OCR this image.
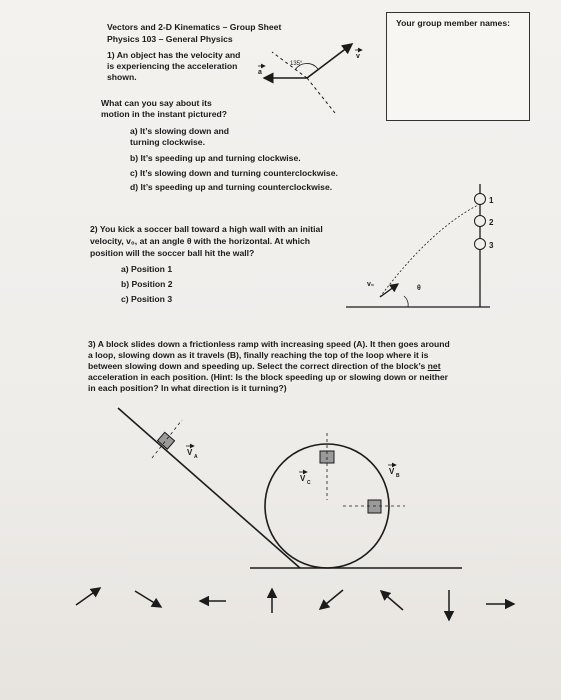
Vectors and 2-D Kinematics – Group Sheet
Physics 103 – General Physics
Your group member names:
1) An object has the velocity and
is experiencing the acceleration
shown.
What can you say about its
motion in the instant pictured?
a) It’s slowing down and
turning clockwise.
b) It’s speeding up and turning clockwise.
c) It’s slowing down and turning counterclockwise.
d) It’s speeding up and turning counterclockwise.
2) You kick a soccer ball toward a high wall with an initial
velocity, v₀, at an angle θ with the horizontal. At which
position will the soccer ball hit the wall?
a) Position 1
b) Position 2
c) Position 3
3) A block slides down a frictionless ramp with increasing speed (A). It then goes around
a loop, slowing down as it travels (B), finally reaching the top of the loop where it is
between slowing down and speeding up. Select the correct direction of the block’s net
acceleration in each position. (Hint: Is the block speeding up or slowing down or neither
in each position? In what direction is it turning?)
135°
v
a
v₀
θ
1
2
3
V A
V C
V B
